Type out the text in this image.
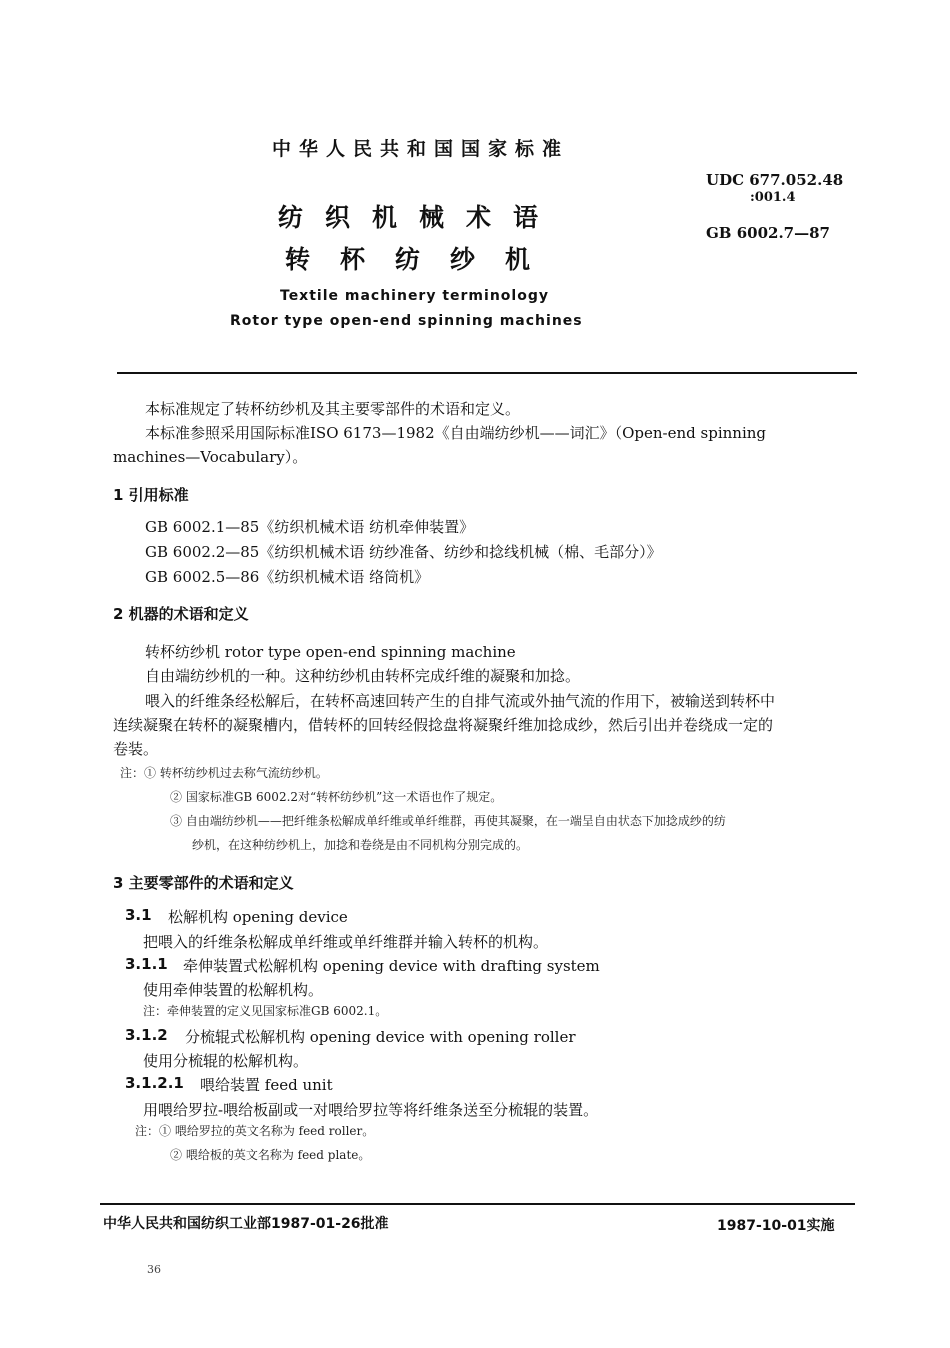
中华人民共和国国家标准
纺织机械术语
转杯纺纱机
Textile machinery terminology
Rotor type open-end spinning machines
UDC 677.052.48
:001.4
GB 6002.7—87
本标准规定了转杯纺纱机及其主要零部件的术语和定义。
本标准参照采用国际标准ISO 6173—1982《自由端纺纱机——词汇》（Open-end spinning
machines—Vocabulary）。
1 引用标准
GB 6002.1—85《纺织机械术语 纺机牵伸装置》
GB 6002.2—85《纺织机械术语 纺纱准备、纺纱和捻线机械（棉、毛部分）》
GB 6002.5—86《纺织机械术语 络筒机》
2 机器的术语和定义
转杯纺纱机 rotor type open-end spinning machine
自由端纺纱机的一种。这种纺纱机由转杯完成纤维的凝聚和加捻。
喂入的纤维条经松解后，在转杯高速回转产生的自排气流或外抽气流的作用下，被输送到转杯中
连续凝聚在转杯的凝聚槽内，借转杯的回转经假捻盘将凝聚纤维加捻成纱，然后引出并卷绕成一定的
卷装。
注：① 转杯纺纱机过去称气流纺纱机。
② 国家标准GB 6002.2对“转杯纺纱机”这一术语也作了规定。
③ 自由端纺纱机——把纤维条松解成单纤维或单纤维群，再使其凝聚，在一端呈自由状态下加捻成纱的纺
纱机，在这种纺纱机上，加捻和卷绕是由不同机构分别完成的。
3 主要零部件的术语和定义
3.1 松解机构 opening device
把喂入的纤维条松解成单纤维或单纤维群并输入转杯的机构。
3.1.1 牵伸装置式松解机构 opening device with drafting system
使用牵伸装置的松解机构。
注：牵伸装置的定义见国家标准GB 6002.1。
3.1.2 分梳辊式松解机构 opening device with opening roller
使用分梳辊的松解机构。
3.1.2.1 喂给装置 feed unit
用喂给罗拉-喂给板副或一对喂给罗拉等将纤维条送至分梳辊的装置。
注：① 喂给罗拉的英文名称为 feed roller。
② 喂给板的英文名称为 feed plate。
中华人民共和国纺织工业部1987-01-26批准	1987-10-01实施
36
